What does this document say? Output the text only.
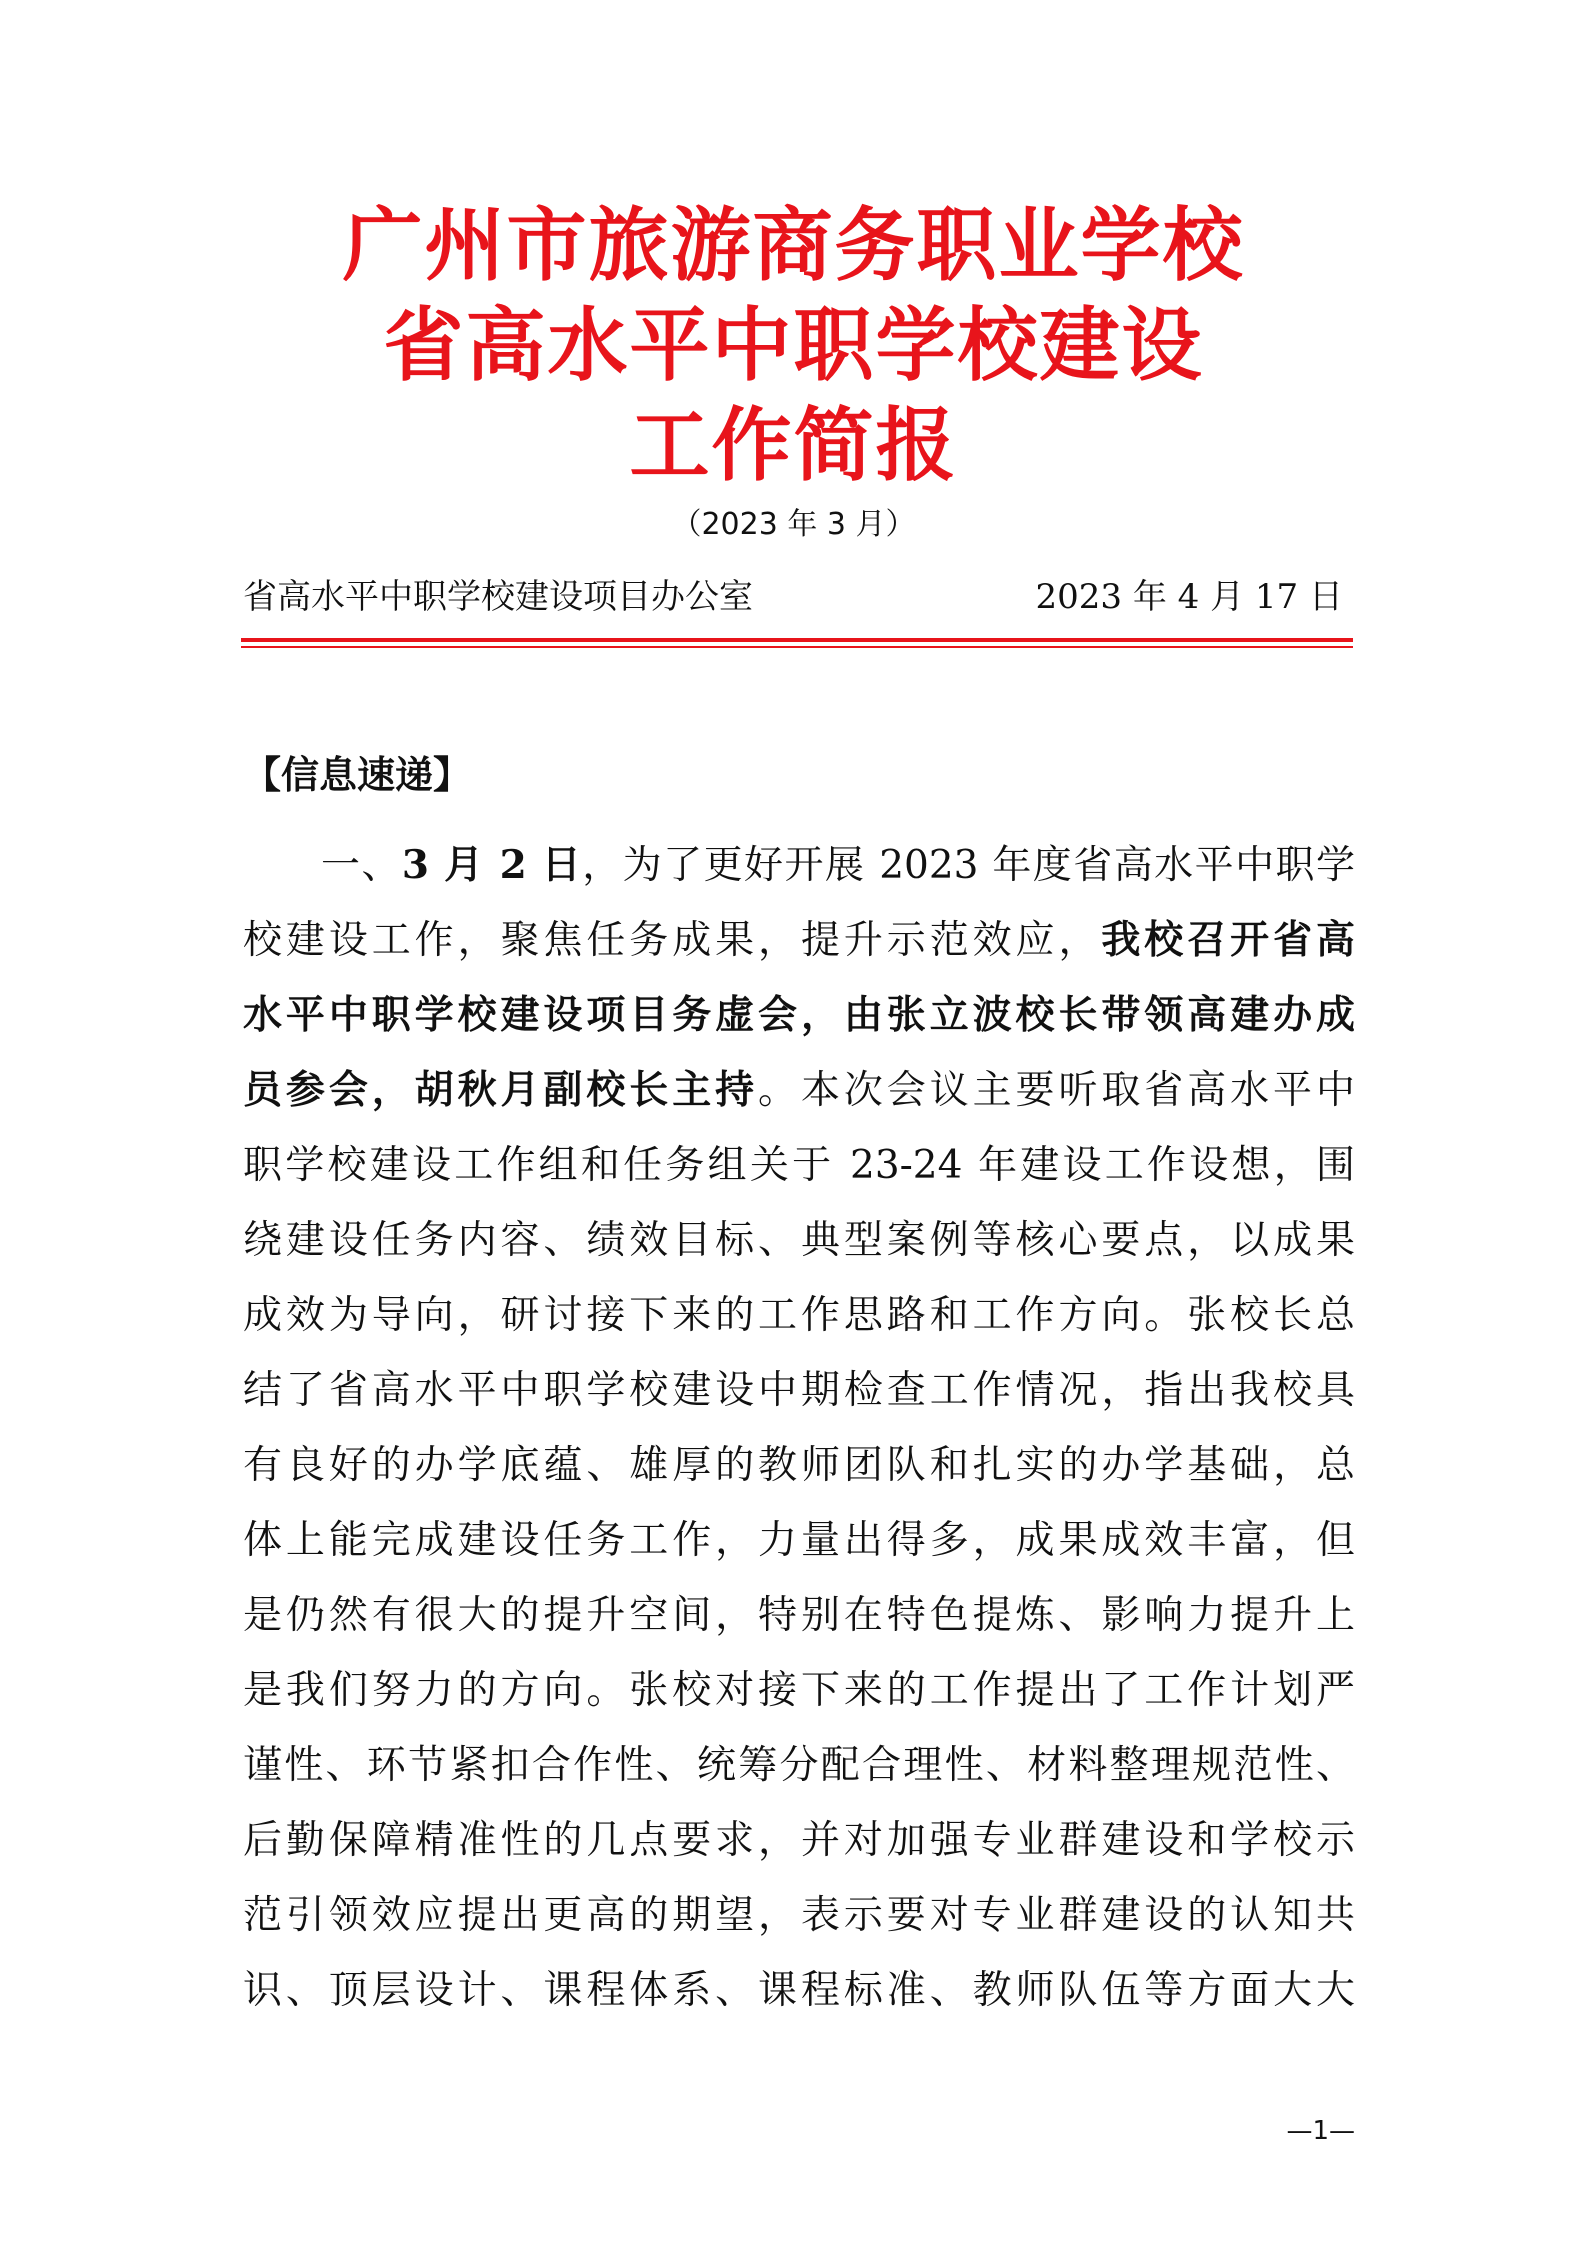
广州市旅游商务职业学校
省高水平中职学校建设
工作简报
（2023 年 3 月）
省高水平中职学校建设项目办公室	2023 年 4 月 17 日
【信息速递】
一、3 月 2 日，为了更好开展 2023 年度省高水平中职学
校建设工作，聚焦任务成果，提升示范效应，我校召开省高
水平中职学校建设项目务虚会，由张立波校长带领高建办成
员参会，胡秋月副校长主持。本次会议主要听取省高水平中
职学校建设工作组和任务组关于 23-24 年建设工作设想，围
绕建设任务内容、绩效目标、典型案例等核心要点，以成果
成效为导向，研讨接下来的工作思路和工作方向。张校长总
结了省高水平中职学校建设中期检查工作情况，指出我校具
有良好的办学底蕴、雄厚的教师团队和扎实的办学基础，总
体上能完成建设任务工作，力量出得多，成果成效丰富，但
是仍然有很大的提升空间，特别在特色提炼、影响力提升上
是我们努力的方向。张校对接下来的工作提出了工作计划严
谨性、环节紧扣合作性、统筹分配合理性、材料整理规范性、
后勤保障精准性的几点要求，并对加强专业群建设和学校示
范引领效应提出更高的期望，表示要对专业群建设的认知共
识、顶层设计、课程体系、课程标准、教师队伍等方面大大
—1—
